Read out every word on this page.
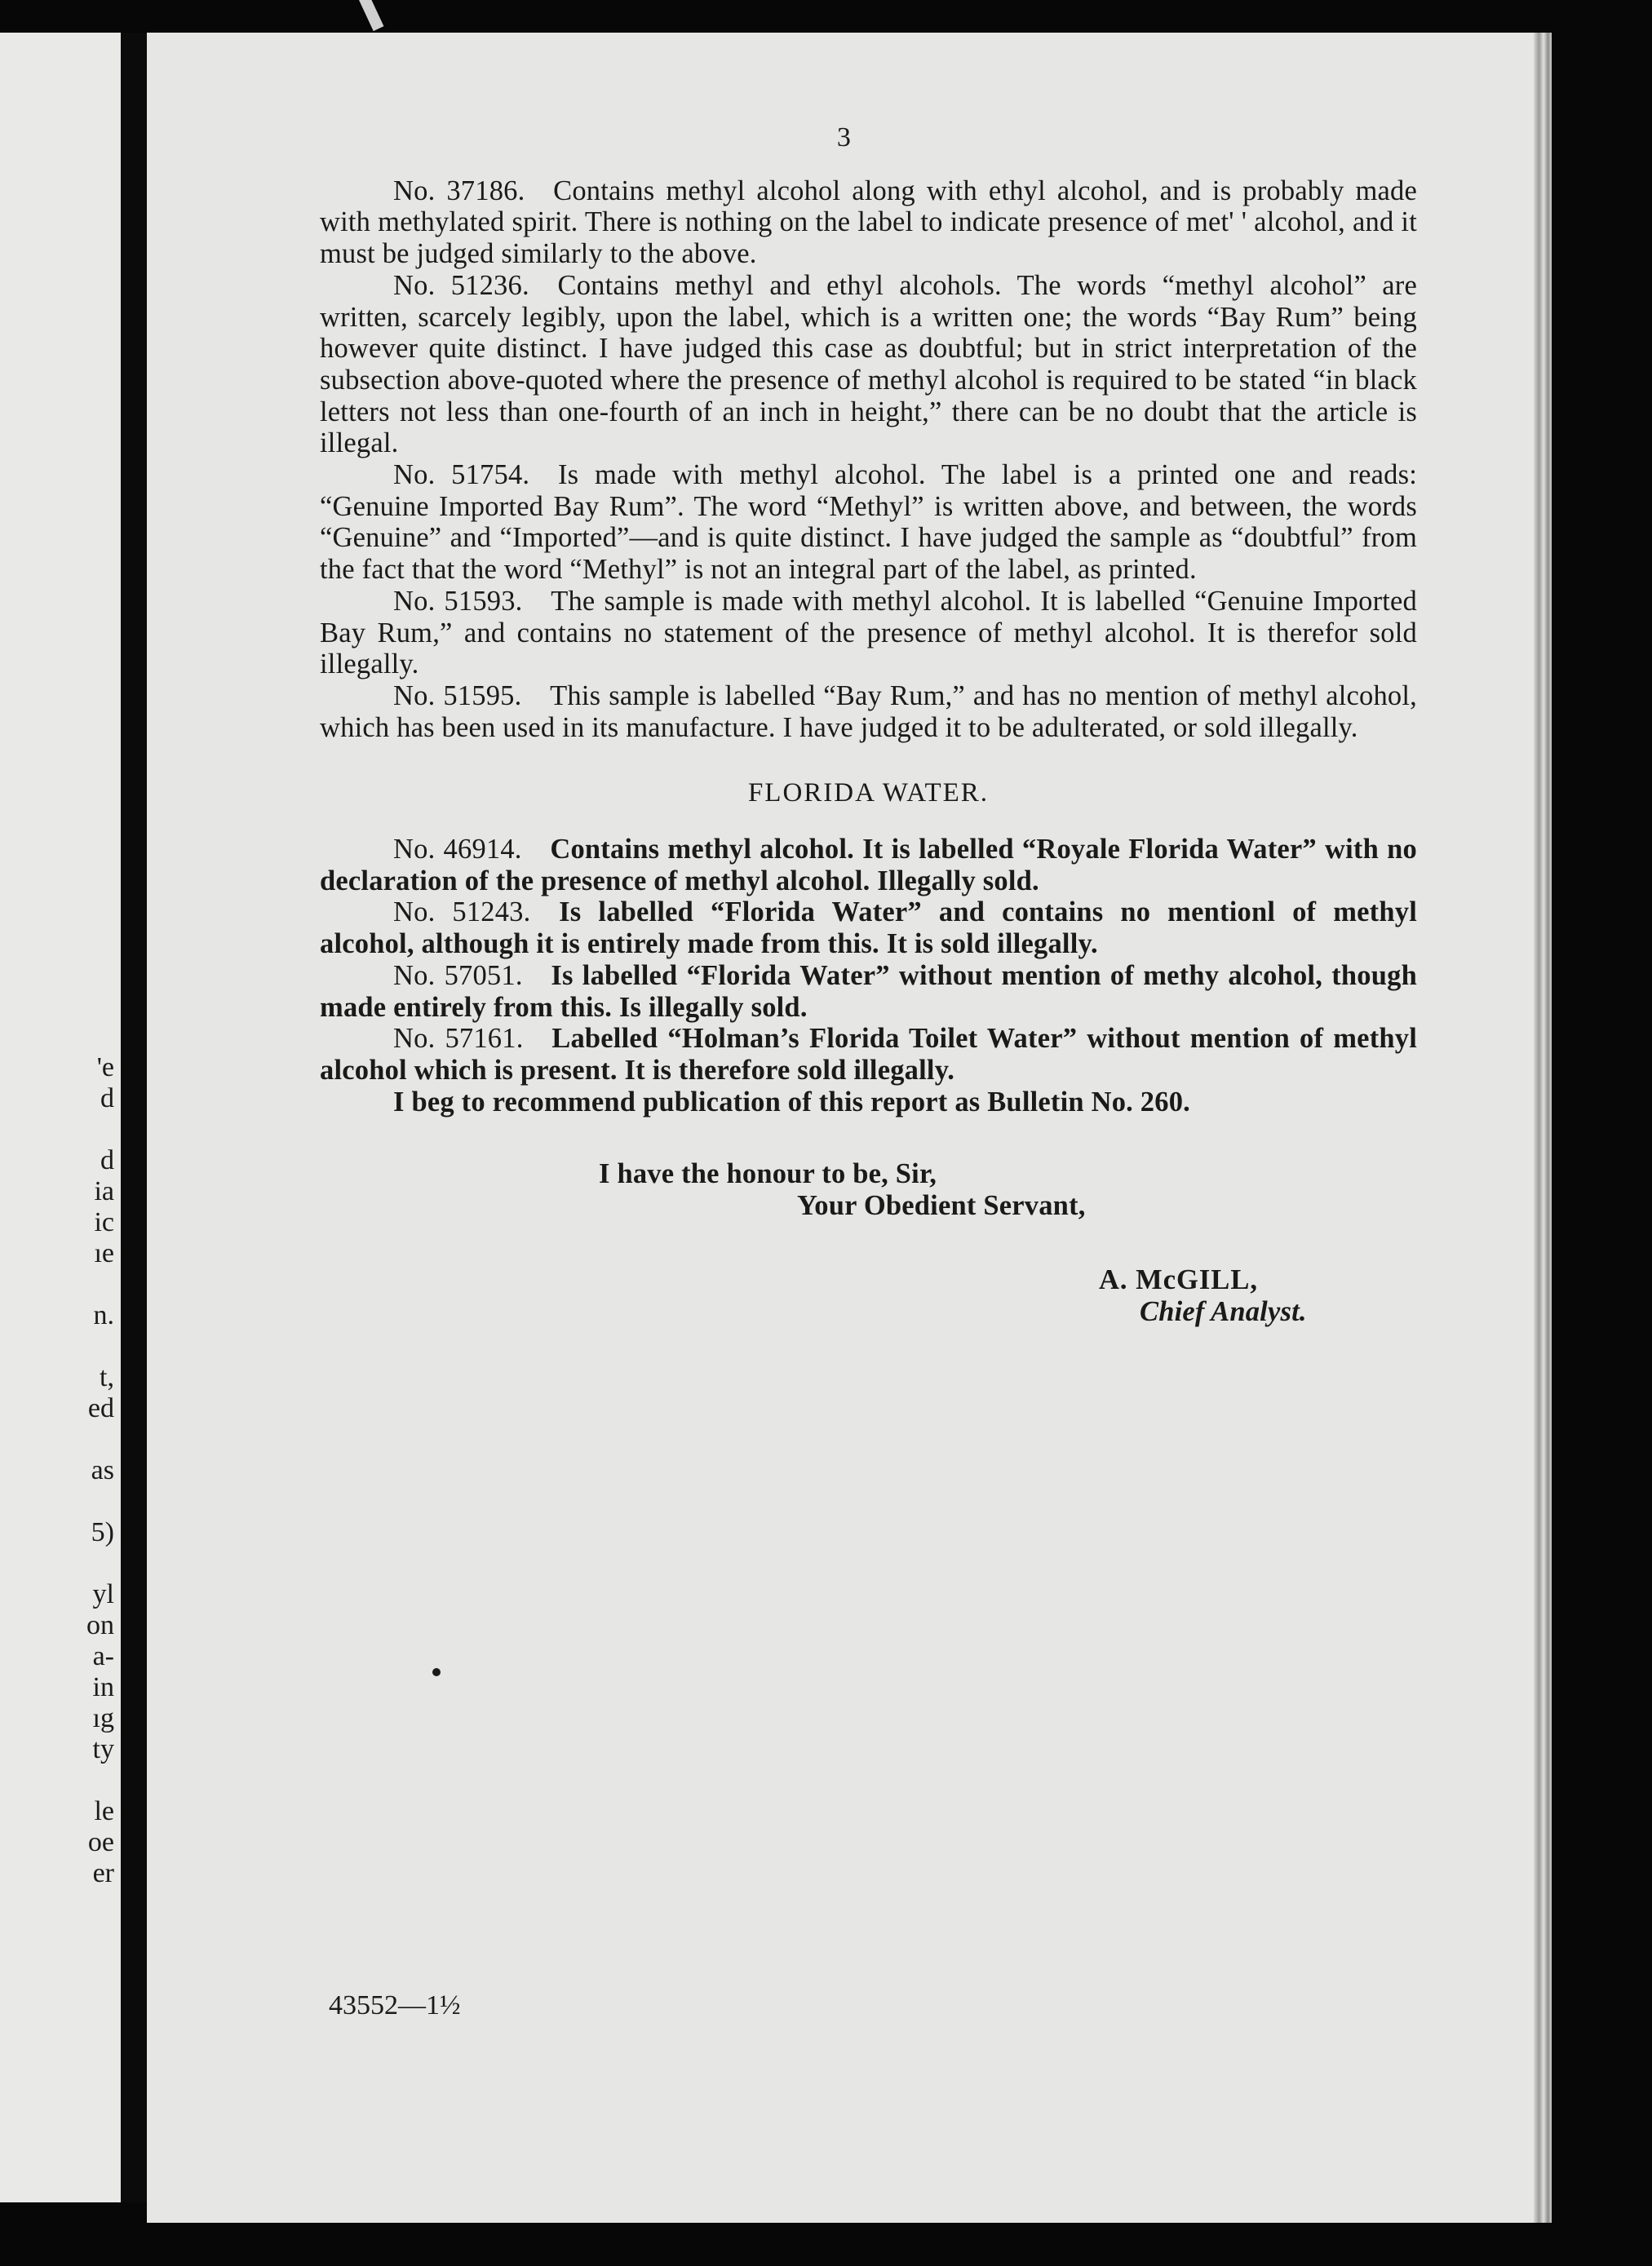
'e
d
d
ia
ic
ıe
n.
t,
ed
as
5)
yl
on
a-
in
ıg
ty
le
oe
er
3

No. 37186.  Contains methyl alcohol along with ethyl alcohol, and is probably made with methylated spirit. There is nothing on the label to indicate presence of met' ' alcohol, and it must be judged similarly to the above.

No. 51236.  Contains methyl and ethyl alcohols. The words “methyl alcohol” are written, scarcely legibly, upon the label, which is a written one; the words “Bay Rum” being however quite distinct. I have judged this case as doubtful; but in strict interpretation of the subsection above-quoted where the presence of methyl alcohol is required to be stated “in black letters not less than one-fourth of an inch in height,” there can be no doubt that the article is illegal.

No. 51754.  Is made with methyl alcohol. The label is a printed one and reads: “Genuine Imported Bay Rum”. The word “Methyl” is written above, and between, the words “Genuine” and “Imported”—and is quite distinct. I have judged the sample as “doubtful” from the fact that the word “Methyl” is not an integral part of the label, as printed.

No. 51593.  The sample is made with methyl alcohol. It is labelled “Genuine Imported Bay Rum,” and contains no statement of the presence of methyl alcohol. It is therefor sold illegally.

No. 51595.  This sample is labelled “Bay Rum,” and has no mention of methyl alcohol, which has been used in its manufacture. I have judged it to be adulterated, or sold illegally.

FLORIDA WATER.

No. 46914.  Contains methyl alcohol. It is labelled “Royale Florida Water” with no declaration of the presence of methyl alcohol. Illegally sold.

No. 51243.  Is labelled “Florida Water” and contains no mentionl of methyl alcohol, although it is entirely made from this. It is sold illegally.

No. 57051.  Is labelled “Florida Water” without mention of methy alcohol, though made entirely from this. Is illegally sold.

No. 57161.  Labelled “Holman’s Florida Toilet Water” without mention of methyl alcohol which is present. It is therefore sold illegally.

I beg to recommend publication of this report as Bulletin No. 260.

I have the honour to be, Sir,
Your Obedient Servant,
A. McGILL,
Chief Analyst.
43552—1½
